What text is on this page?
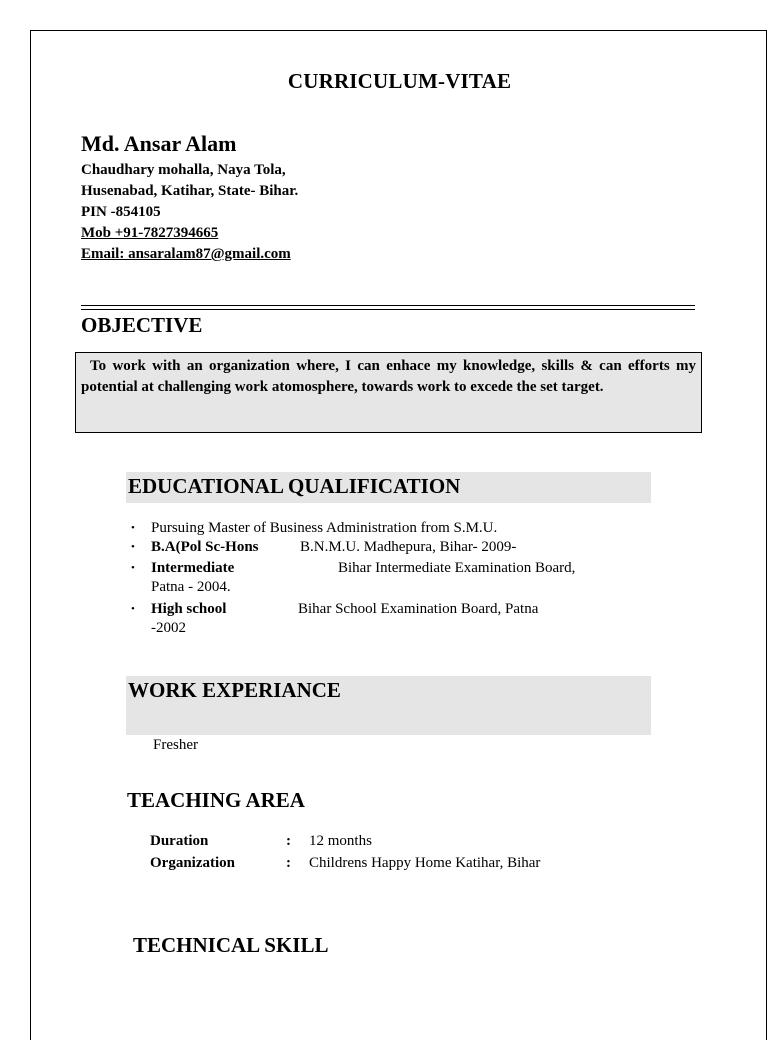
CURRICULUM-VITAE
Md. Ansar Alam
Chaudhary mohalla, Naya Tola,
Husenabad, Katihar, State- Bihar.
PIN -854105
Mob +91-7827394665
Email: ansaralam87@gmail.com
OBJECTIVE
To work with an organization where, I can enhace my knowledge, skills & can efforts my potential at challenging work atomosphere, towards work to excede the set target.
EDUCATIONAL QUALIFICATION
• Pursuing Master of Business Administration from S.M.U.
• B.A(Pol Sc-Hons	B.N.M.U. Madhepura, Bihar- 2009-
• Intermediate	Bihar Intermediate Examination Board,
Patna - 2004.
• High school	Bihar School Examination Board, Patna
-2002
WORK EXPERIANCE
Fresher
TEACHING AREA
Duration	: 12 months
Organization	: Childrens Happy Home Katihar, Bihar
TECHNICAL SKILL
